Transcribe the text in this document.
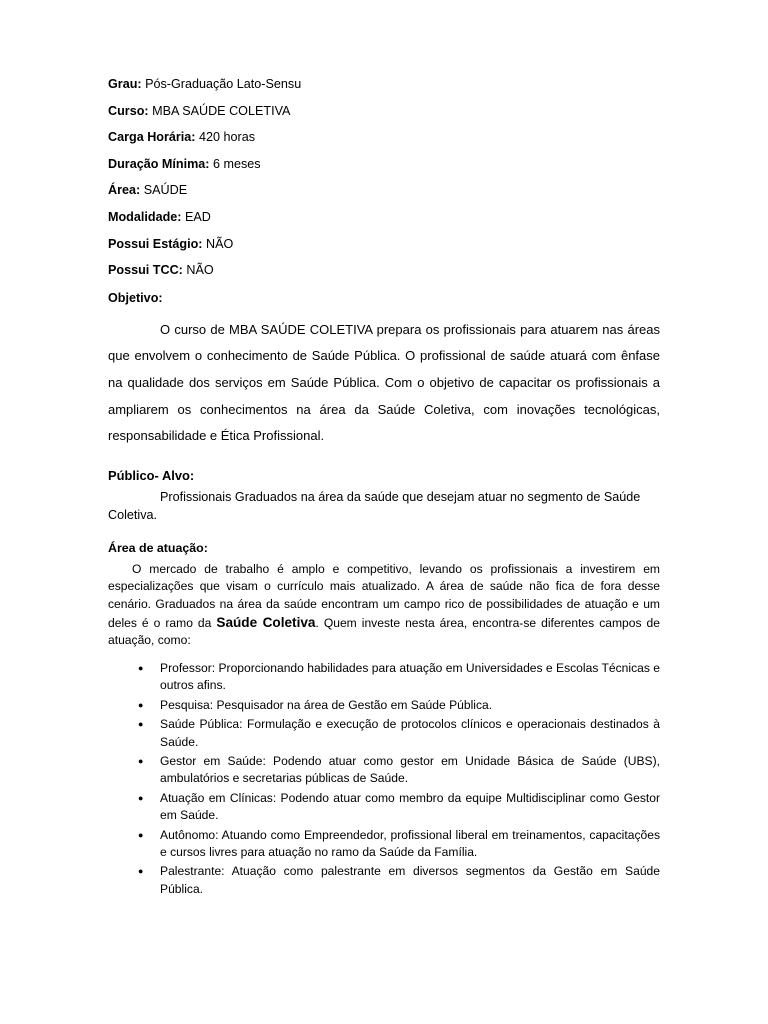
Grau: Pós-Graduação Lato-Sensu

Curso: MBA SAÚDE COLETIVA

Carga Horária: 420 horas

Duração Mínima: 6 meses

Área: SAÚDE

Modalidade: EAD

Possui Estágio: NÃO

Possui TCC: NÃO

Objetivo:

O curso de MBA SAÚDE COLETIVA prepara os profissionais para atuarem nas áreas que envolvem o conhecimento de Saúde Pública. O profissional de saúde atuará com ênfase na qualidade dos serviços em Saúde Pública. Com o objetivo de capacitar os profissionais a ampliarem os conhecimentos na área da Saúde Coletiva, com inovações tecnológicas, responsabilidade e Ética Profissional.

Público- Alvo:

Profissionais Graduados na área da saúde que desejam atuar no segmento de Saúde Coletiva.

Área de atuação:

O mercado de trabalho é amplo e competitivo, levando os profissionais a investirem em especializações que visam o currículo mais atualizado. A área de saúde não fica de fora desse cenário. Graduados na área da saúde encontram um campo rico de possibilidades de atuação e um deles é o ramo da Saúde Coletiva. Quem investe nesta área, encontra-se diferentes campos de atuação, como:

● Professor: Proporcionando habilidades para atuação em Universidades e Escolas Técnicas e outros afins.
● Pesquisa: Pesquisador na área de Gestão em Saúde Pública.
● Saúde Pública: Formulação e execução de protocolos clínicos e operacionais destinados à Saúde.
● Gestor em Saúde: Podendo atuar como gestor em Unidade Básica de Saúde (UBS), ambulatórios e secretarias públicas de Saúde.
● Atuação em Clínicas: Podendo atuar como membro da equipe Multidisciplinar como Gestor em Saúde.
● Autônomo: Atuando como Empreendedor, profissional liberal em treinamentos, capacitações e cursos livres para atuação no ramo da Saúde da Família.
● Palestrante: Atuação como palestrante em diversos segmentos da Gestão em Saúde Pública.
